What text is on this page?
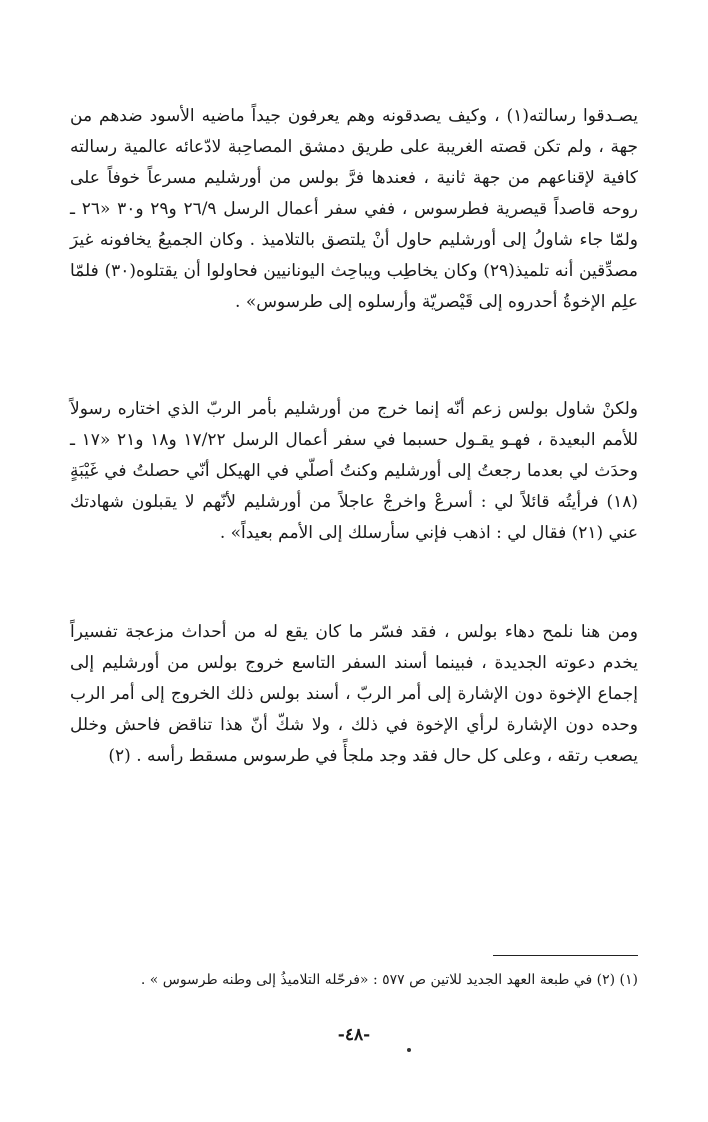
يصـدقوا رسالته(١) ، وكيف يصدقونه وهم يعرفون جيداً ماضيه الأسود ضدهم من جهة ، ولم تكن قصته الغريبة على طريق دمشق المصاحِبة لادّعائه عالمية رسالته كافية لإقناعهم من جهة ثانية ، فعندها فرَّ بولس من أورشليم مسرعاً خوفاً على روحه قاصداً قيصرية فطرسوس ، ففي سفر أعمال الرسل ٢٦/٩ و٢٩ و٣٠ «٢٦ ـ ولمّا جاء شاولُ إلى أورشليم حاول أنْ يلتصق بالتلاميذ . وكان الجميعُ يخافونه غيرَ مصدِّقين أنه تلميذ(٢٩) وكان يخاطِب ويباحِث اليونانيين فحاولوا أن يقتلوه(٣٠) فلمّا علِم الإخوةُ أحدروه إلى قَيْصريّة وأرسلوه إلى طرسوس» .

ولكنْ شاول بولس زعم أنّه إنما خرج من أورشليم بأمر الربّ الذي اختاره رسولاً للأمم البعيدة ، فهـو يقـول حسبما في سفر أعمال الرسل ١٧/٢٢ و١٨ و٢١ «١٧ ـ وحدَث لي بعدما رجعتُ إلى أورشليم وكنتُ أصلّي في الهيكل أنّي حصلتُ في غَيْبَةٍ (١٨) فرأيتُه قائلاً لي : أسرعْ واخرجْ عاجلاً من أورشليم لأنّهم لا يقبلون شهادتك عني (٢١) فقال لي : اذهب فإني سأرسلك إلى الأمم بعيداً» .

ومن هنا نلمح دهاء بولس ، فقد فسّر ما كان يقع له من أحداث مزعجة تفسيراً يخدم دعوته الجديدة ، فبينما أسند السفر التاسع خروج بولس من أورشليم إلى إجماع الإخوة دون الإشارة إلى أمر الربّ ، أسند بولس ذلك الخروج إلى أمر الرب وحده دون الإشارة لرأي الإخوة في ذلك ، ولا شكّ أنّ هذا تناقض فاحش وخلل يصعب رتقه ، وعلى كل حال فقد وجد ملجأً في طرسوس مسقط رأسه . (٢)

(١) (٢) في طبعة العهد الجديد للاتين ص ٥٧٧ : «فرحّله التلاميذُ إلى وطنه طرسوس » .
-٤٨-
